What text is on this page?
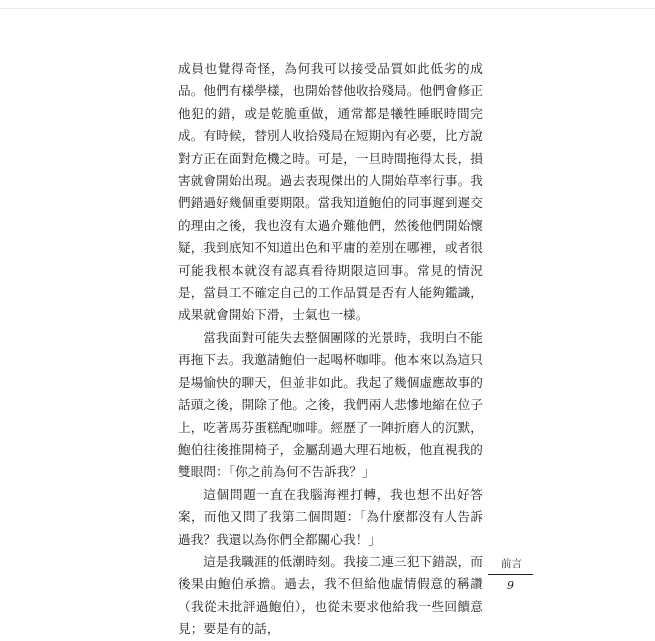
成員也覺得奇怪，為何我可以接受品質如此低劣的成品。他們有樣學樣，也開始替他收拾殘局。他們會修正他犯的錯，或是乾脆重做，通常都是犧牲睡眠時間完成。有時候，替別人收拾殘局在短期內有必要，比方說對方正在面對危機之時。可是，一旦時間拖得太長，損害就會開始出現。過去表現傑出的人開始草率行事。我們錯過好幾個重要期限。當我知道鮑伯的同事遲到遲交的理由之後，我也沒有太過介難他們，然後他們開始懷疑，我到底知不知道出色和平庸的差別在哪裡，或者很可能我根本就沒有認真看待期限這回事。常見的情況是，當員工不確定自己的工作品質是否有人能夠鑑識，成果就會開始下滑，士氣也一樣。

當我面對可能失去整個團隊的光景時，我明白不能再拖下去。我邀請鮑伯一起喝杯咖啡。他本來以為這只是場愉快的聊天，但並非如此。我起了幾個虛應故事的話頭之後，開除了他。之後，我們兩人悲慘地縮在位子上，吃著馬芬蛋糕配咖啡。經歷了一陣折磨人的沉默，鮑伯往後推開椅子，金屬刮過大理石地板，他直視我的雙眼問：「你之前為何不告訴我？」

這個問題一直在我腦海裡打轉，我也想不出好答案，而他又問了我第二個問題：「為什麼都沒有人告訴過我？我還以為你們全都關心我！」

這是我職涯的低潮時刻。我接二連三犯下錯誤，而後果由鮑伯承擔。過去，我不但給他虛情假意的稱讚（我從未批評過鮑伯），也從未要求他給我一些回饋意見；要是有的話，

前言
9
